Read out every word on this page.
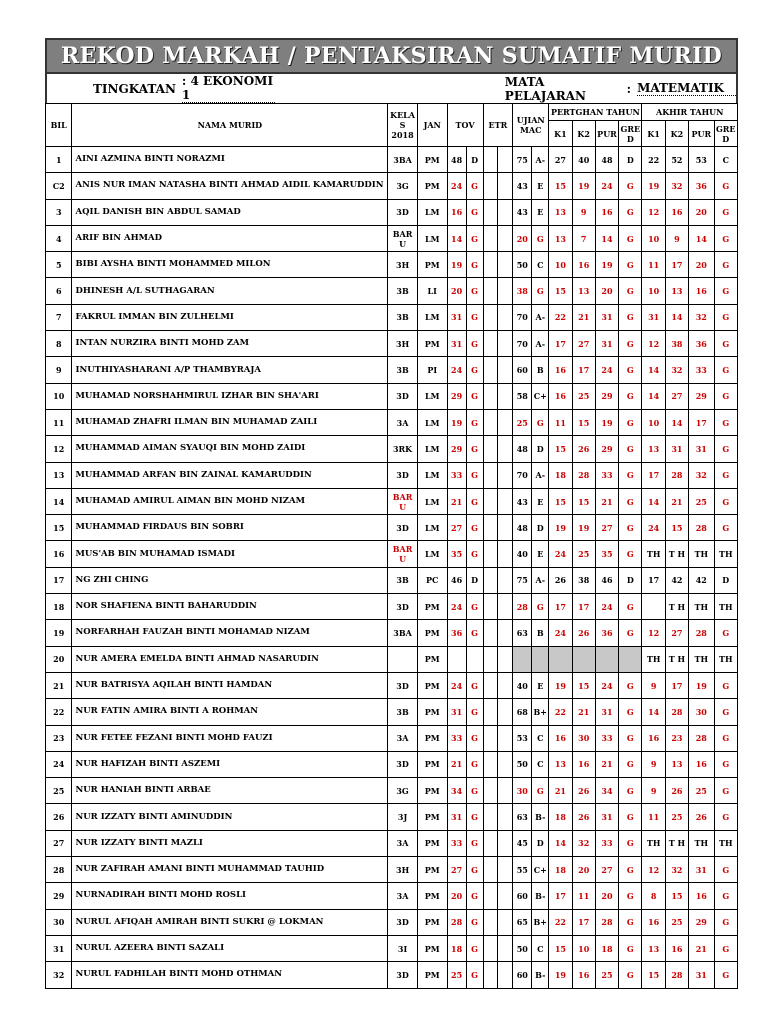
REKOD MARKAH / PENTAKSIRAN SUMATIF MURID
TINGKATAN
: 4 EKONOMI 1
MATA PELAJARAN	: MATEMATIK
BIL	NAMA MURID	KELA S 2018	JAN	TOV		ETR		UJIAN MAC		PERTGHAN TAHUN				AKHIR TAHUN			
										K1	K2	PUR	GRE D	K1	K2	PUR	GRE D
1	AINI AZMINA BINTI NORAZMI	3BA	PM	48	D			75	A-	27	40	48	D	22	52	53	C
C2	ANIS NUR IMAN NATASHA BINTI AHMAD AIDIL KAMARUDDIN	3G	PM	24	G			43	E	15	19	24	G	19	32	36	G
3	AQIL DANISH BIN ABDUL SAMAD	3D	LM	16	G			43	E	13	9	16	G	12	16	20	G
4	ARIF BIN AHMAD	BAR U	LM	14	G			20	G	13	7	14	G	10	9	14	G
5	BIBI AYSHA BINTI MOHAMMED MILON	3H	PM	19	G			50	C	10	16	19	G	11	17	20	G
6	DHINESH A/L SUTHAGARAN	3B	LI	20	G			38	G	15	13	20	G	10	13	16	G
7	FAKRUL IMMAN BIN ZULHELMI	3B	LM	31	G			70	A-	22	21	31	G	31	14	32	G
8	INTAN NURZIRA BINTI MOHD ZAM	3H	PM	31	G			70	A-	17	27	31	G	12	38	36	G
9	INUTHIYASHARANI A/P THAMBYRAJA	3B	PI	24	G			60	B	16	17	24	G	14	32	33	G
10	MUHAMAD NORSHAHMIRUL IZHAR BIN SHA'ARI	3D	LM	29	G			58	C+	16	25	29	G	14	27	29	G
11	MUHAMAD ZHAFRI ILMAN BIN MUHAMAD ZAILI	3A	LM	19	G			25	G	11	15	19	G	10	14	17	G
12	MUHAMMAD AIMAN SYAUQI BIN MOHD ZAIDI	3RK	LM	29	G			48	D	15	26	29	G	13	31	31	G
13	MUHAMMAD ARFAN BIN ZAINAL KAMARUDDIN	3D	LM	33	G			70	A-	18	28	33	G	17	28	32	G
14	MUHAMAD AMIRUL AIMAN BIN MOHD NIZAM	BAR U	LM	21	G			43	E	15	15	21	G	14	21	25	G
15	MUHAMMAD FIRDAUS BIN SOBRI	3D	LM	27	G			48	D	19	19	27	G	24	15	28	G
16	MUS'AB BIN MUHAMAD ISMADI	BAR U	LM	35	G			40	E	24	25	35	G	TH	T H	TH	TH
17	NG ZHI CHING	3B	PC	46	D			75	A-	26	38	46	D	17	42	42	D
18	NOR SHAFIENA BINTI BAHARUDDIN	3D	PM	24	G			28	G	17	17	24	G		T H	TH	TH
19	NORFARHAH FAUZAH BINTI MOHAMAD NIZAM	3BA	PM	36	G			63	B	24	26	36	G	12	27	28	G
20	NUR AMERA EMELDA BINTI AHMAD NASARUDIN		PM											TH	T H	TH	TH
21	NUR BATRISYA AQILAH BINTI HAMDAN	3D	PM	24	G			40	E	19	15	24	G	9	17	19	G
22	NUR FATIN AMIRA BINTI A ROHMAN	3B	PM	31	G			68	B+	22	21	31	G	14	28	30	G
23	NUR FETEE FEZANI BINTI MOHD FAUZI	3A	PM	33	G			53	C	16	30	33	G	16	23	28	G
24	NUR HAFIZAH BINTI ASZEMI	3D	PM	21	G			50	C	13	16	21	G	9	13	16	G
25	NUR HANIAH BINTI ARBAE	3G	PM	34	G			30	G	21	26	34	G	9	26	25	G
26	NUR IZZATY BINTI AMINUDDIN	3J	PM	31	G			63	B-	18	26	31	G	11	25	26	G
27	NUR IZZATY BINTI MAZLI	3A	PM	33	G			45	D	14	32	33	G	TH	T H	TH	TH
28	NUR ZAFIRAH AMANI BINTI MUHAMMAD TAUHID	3H	PM	27	G			55	C+	18	20	27	G	12	32	31	G
29	NURNADIRAH BINTI MOHD ROSLI	3A	PM	20	G			60	B-	17	11	20	G	8	15	16	G
30	NURUL AFIQAH AMIRAH BINTI SUKRI @ LOKMAN	3D	PM	28	G			65	B+	22	17	28	G	16	25	29	G
31	NURUL AZEERA BINTI SAZALI	3I	PM	18	G			50	C	15	10	18	G	13	16	21	G
32	NURUL FADHILAH BINTI MOHD OTHMAN	3D	PM	25	G			60	B-	19	16	25	G	15	28	31	G
